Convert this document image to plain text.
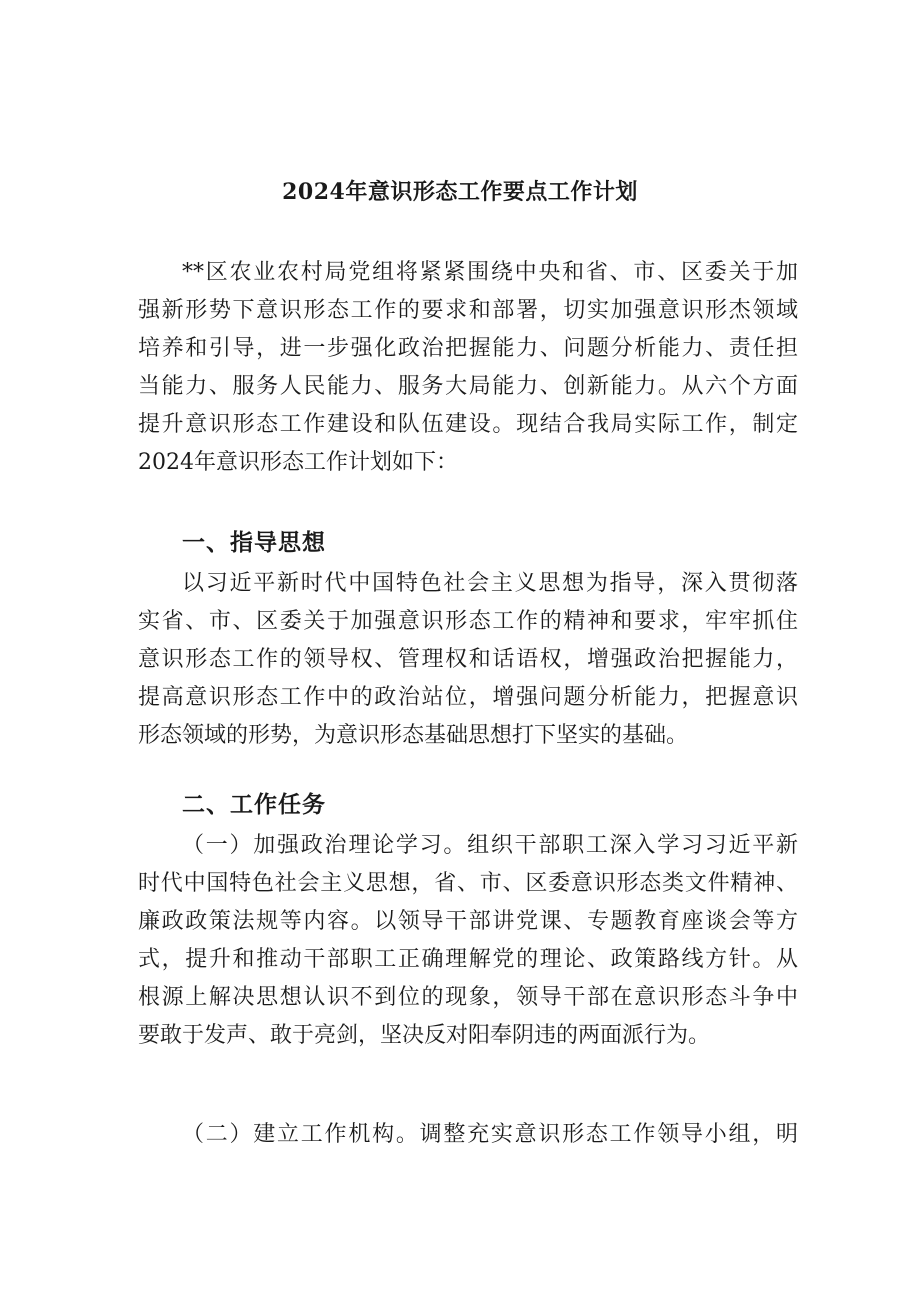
2024年意识形态工作要点工作计划
**区农业农村局党组将紧紧围绕中央和省、市、区委关于加
强新形势下意识形态工作的要求和部署，切实加强意识形杰领域
培养和引导，进一步强化政治把握能力、问题分析能力、责任担
当能力、服务人民能力、服务大局能力、创新能力。从六个方面
提升意识形态工作建设和队伍建设。现结合我局实际工作，制定
2024年意识形态工作计划如下：
一、指导思想
以习近平新时代中国特色社会主义思想为指导，深入贯彻落
实省、市、区委关于加强意识形态工作的精神和要求，牢牢抓住
意识形态工作的领导权、管理权和话语权，增强政治把握能力，
提高意识形态工作中的政治站位，增强问题分析能力，把握意识
形态领域的形势，为意识形态基础思想打下坚实的基础。
二、工作任务
（一）加强政治理论学习。组织干部职工深入学习习近平新
时代中国特色社会主义思想，省、市、区委意识形态类文件精神、
廉政政策法规等内容。以领导干部讲党课、专题教育座谈会等方
式，提升和推动干部职工正确理解党的理论、政策路线方针。从
根源上解决思想认识不到位的现象，领导干部在意识形态斗争中
要敢于发声、敢于亮剑，坚决反对阳奉阴违的两面派行为。
（二）建立工作机构。调整充实意识形态工作领导小组，明
